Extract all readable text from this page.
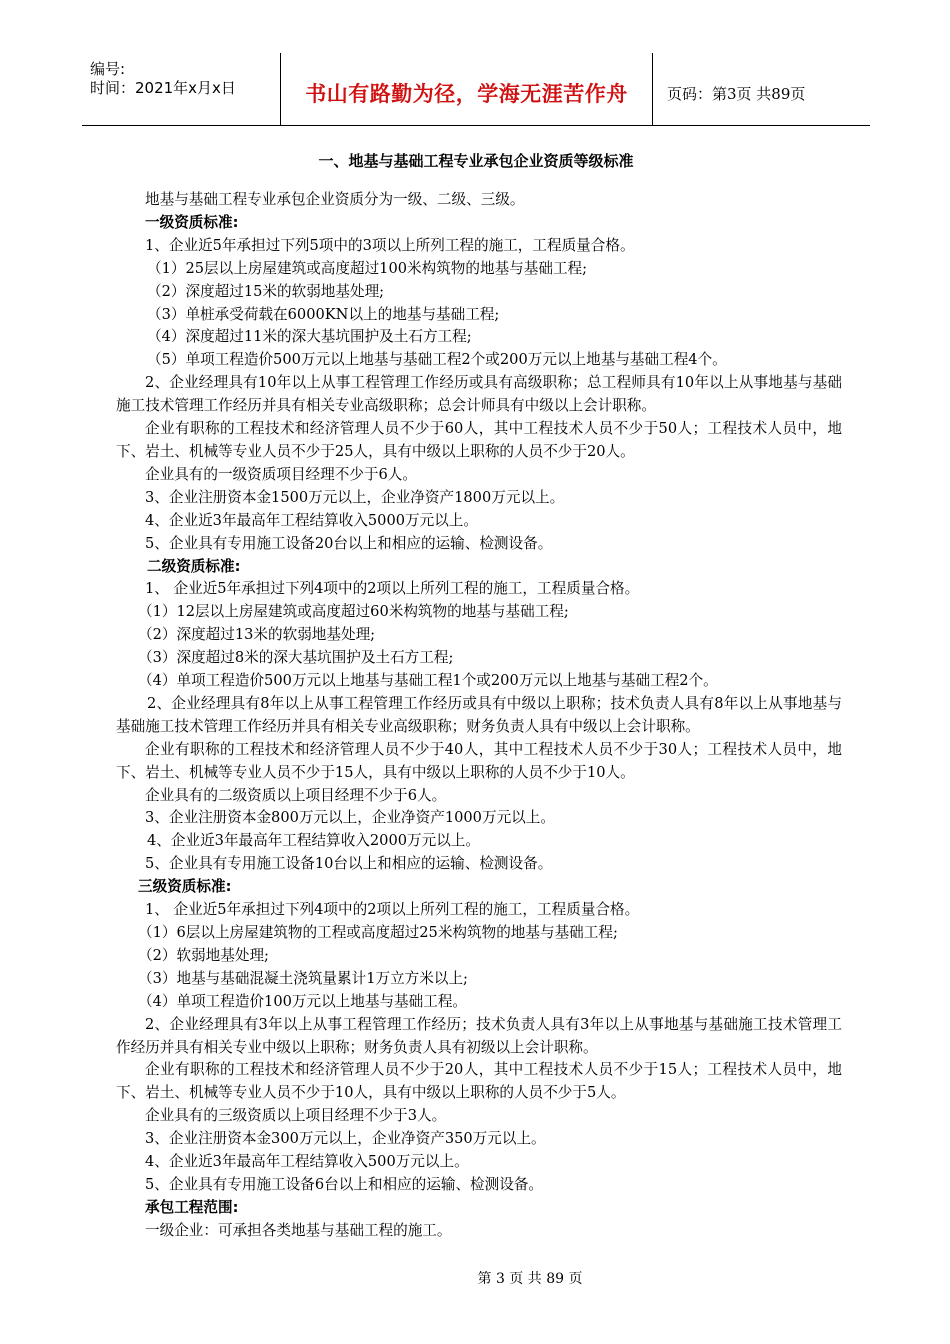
编号:
时间：2021年x月x日	书山有路勤为径，学海无涯苦作舟	页码：第3页 共89页
一、地基与基础工程专业承包企业资质等级标准

地基与基础工程专业承包企业资质分为一级、二级、三级。

一级资质标准:

1、企业近5年承担过下列5项中的3项以上所列工程的施工，工程质量合格。

（1）25层以上房屋建筑或高度超过100米构筑物的地基与基础工程;

（2）深度超过15米的软弱地基处理;

（3）单桩承受荷载在6000KN以上的地基与基础工程;

（4）深度超过11米的深大基坑围护及土石方工程;

（5）单项工程造价500万元以上地基与基础工程2个或200万元以上地基与基础工程4个。

2、企业经理具有10年以上从事工程管理工作经历或具有高级职称；总工程师具有10年以上从事地基与基础施工技术管理工作经历并具有相关专业高级职称；总会计师具有中级以上会计职称。

企业有职称的工程技术和经济管理人员不少于60人，其中工程技术人员不少于50人；工程技术人员中，地下、岩土、机械等专业人员不少于25人，具有中级以上职称的人员不少于20人。

企业具有的一级资质项目经理不少于6人。

3、企业注册资本金1500万元以上，企业净资产1800万元以上。

4、企业近3年最高年工程结算收入5000万元以上。

5、企业具有专用施工设备20台以上和相应的运输、检测设备。

二级资质标准:

1、 企业近5年承担过下列4项中的2项以上所列工程的施工，工程质量合格。

（1）12层以上房屋建筑或高度超过60米构筑物的地基与基础工程;

（2）深度超过13米的软弱地基处理;

（3）深度超过8米的深大基坑围护及土石方工程;

（4）单项工程造价500万元以上地基与基础工程1个或200万元以上地基与基础工程2个。

2、企业经理具有8年以上从事工程管理工作经历或具有中级以上职称；技术负责人具有8年以上从事地基与基础施工技术管理工作经历并具有相关专业高级职称；财务负责人具有中级以上会计职称。

企业有职称的工程技术和经济管理人员不少于40人，其中工程技术人员不少于30人；工程技术人员中，地下、岩土、机械等专业人员不少于15人，具有中级以上职称的人员不少于10人。

企业具有的二级资质以上项目经理不少于6人。

3、企业注册资本金800万元以上，企业净资产1000万元以上。

4、企业近3年最高年工程结算收入2000万元以上。

5、企业具有专用施工设备10台以上和相应的运输、检测设备。

三级资质标准:

1、 企业近5年承担过下列4项中的2项以上所列工程的施工，工程质量合格。

（1）6层以上房屋建筑物的工程或高度超过25米构筑物的地基与基础工程;

（2）软弱地基处理;

（3）地基与基础混凝土浇筑量累计1万立方米以上;

（4）单项工程造价100万元以上地基与基础工程。

2、企业经理具有3年以上从事工程管理工作经历；技术负责人具有3年以上从事地基与基础施工技术管理工作经历并具有相关专业中级以上职称；财务负责人具有初级以上会计职称。

企业有职称的工程技术和经济管理人员不少于20人，其中工程技术人员不少于15人；工程技术人员中，地下、岩土、机械等专业人员不少于10人，具有中级以上职称的人员不少于5人。

企业具有的三级资质以上项目经理不少于3人。

3、企业注册资本金300万元以上，企业净资产350万元以上。

4、企业近3年最高年工程结算收入500万元以上。

5、企业具有专用施工设备6台以上和相应的运输、检测设备。

承包工程范围:

一级企业：可承担各类地基与基础工程的施工。

第 3 页 共 89 页
